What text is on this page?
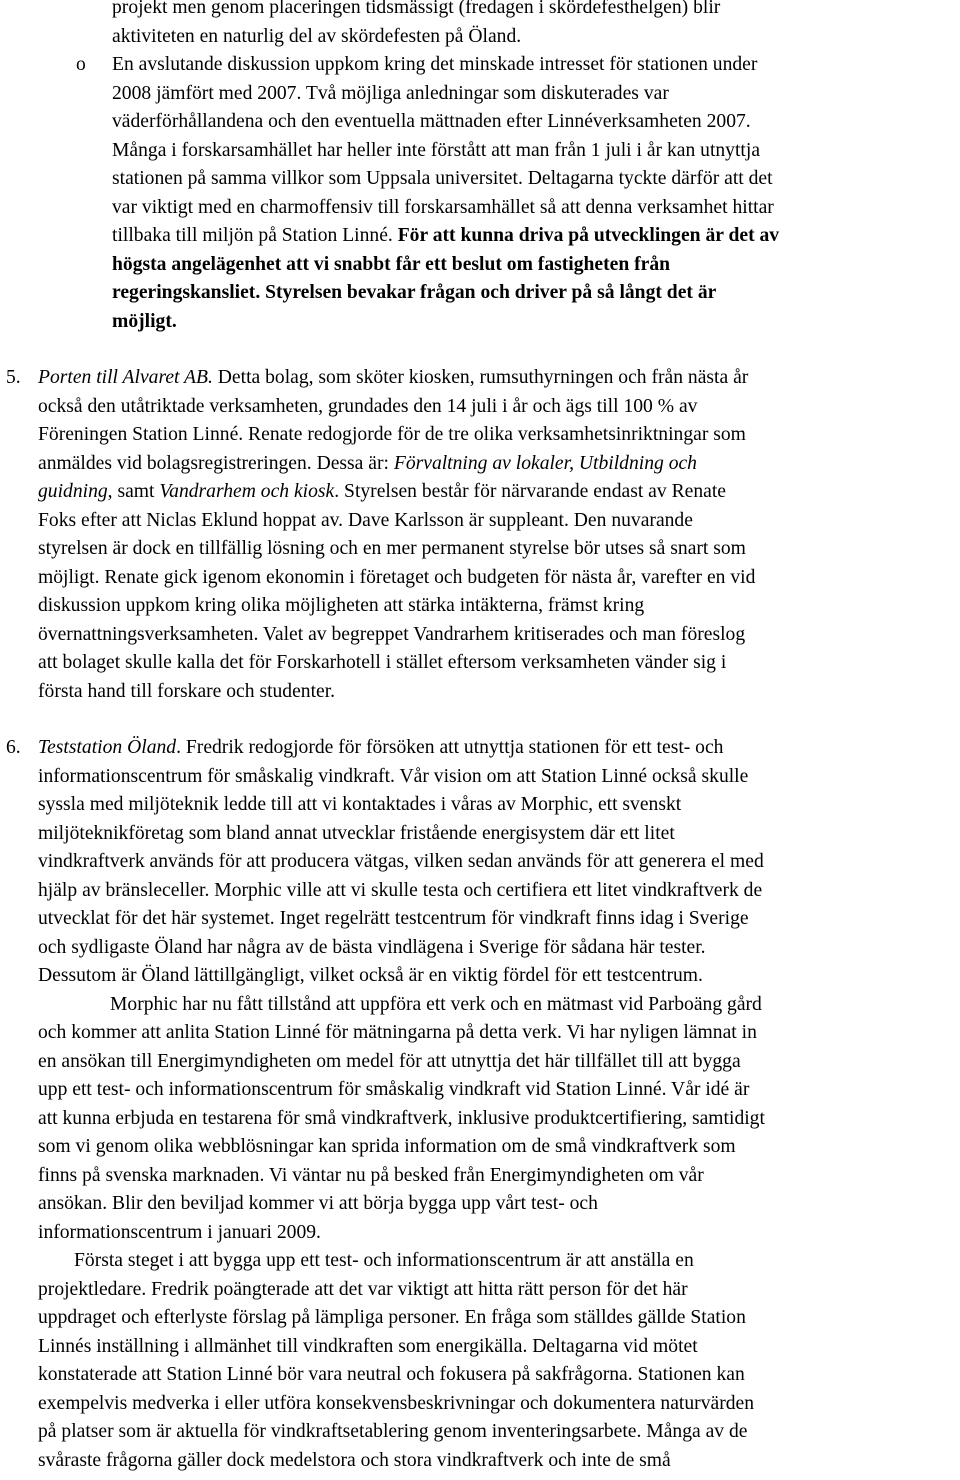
projekt men genom placeringen tidsmässigt (fredagen i skördefesthelgen) blir
aktiviteten en naturlig del av skördefesten på Öland.
o En avslutande diskussion uppkom kring det minskade intresset för stationen under
2008 jämfört med 2007. Två möjliga anledningar som diskuterades var
väderförhållandena och den eventuella mättnaden efter Linnéverksamheten 2007.
Många i forskarsamhället har heller inte förstått att man från 1 juli i år kan utnyttja
stationen på samma villkor som Uppsala universitet. Deltagarna tyckte därför att det
var viktigt med en charmoffensiv till forskarsamhället så att denna verksamhet hittar
tillbaka till miljön på Station Linné. För att kunna driva på utvecklingen är det av
högsta angelägenhet att vi snabbt får ett beslut om fastigheten från
regeringskansliet. Styrelsen bevakar frågan och driver på så långt det är
möjligt.
5. Porten till Alvaret AB. Detta bolag, som sköter kiosken, rumsuthyrningen och från nästa år
också den utåtriktade verksamheten, grundades den 14 juli i år och ägs till 100 % av
Föreningen Station Linné. Renate redogjorde för de tre olika verksamhetsinriktningar som
anmäldes vid bolagsregistreringen. Dessa är: Förvaltning av lokaler, Utbildning och
guidning, samt Vandrarhem och kiosk. Styrelsen består för närvarande endast av Renate
Foks efter att Niclas Eklund hoppat av. Dave Karlsson är suppleant. Den nuvarande
styrelsen är dock en tillfällig lösning och en mer permanent styrelse bör utses så snart som
möjligt. Renate gick igenom ekonomin i företaget och budgeten för nästa år, varefter en vid
diskussion uppkom kring olika möjligheten att stärka intäkterna, främst kring
övernattningsverksamheten. Valet av begreppet Vandrarhem kritiserades och man föreslog
att bolaget skulle kalla det för Forskarhotell i stället eftersom verksamheten vänder sig i
första hand till forskare och studenter.
6. Teststation Öland. Fredrik redogjorde för försöken att utnyttja stationen för ett test- och
informationscentrum för småskalig vindkraft. Vår vision om att Station Linné också skulle
syssla med miljöteknik ledde till att vi kontaktades i våras av Morphic, ett svenskt
miljöteknikföretag som bland annat utvecklar fristående energisystem där ett litet
vindkraftverk används för att producera vätgas, vilken sedan används för att generera el med
hjälp av bränsleceller. Morphic ville att vi skulle testa och certifiera ett litet vindkraftverk de
utvecklat för det här systemet. Inget regelrätt testcentrum för vindkraft finns idag i Sverige
och sydligaste Öland har några av de bästa vindlägena i Sverige för sådana här tester.
Dessutom är Öland lättillgängligt, vilket också är en viktig fördel för ett testcentrum.
Morphic har nu fått tillstånd att uppföra ett verk och en mätmast vid Parboäng gård
och kommer att anlita Station Linné för mätningarna på detta verk. Vi har nyligen lämnat in
en ansökan till Energimyndigheten om medel för att utnyttja det här tillfället till att bygga
upp ett test- och informationscentrum för småskalig vindkraft vid Station Linné. Vår idé är
att kunna erbjuda en testarena för små vindkraftverk, inklusive produktcertifiering, samtidigt
som vi genom olika webblösningar kan sprida information om de små vindkraftverk som
finns på svenska marknaden. Vi väntar nu på besked från Energimyndigheten om vår
ansökan. Blir den beviljad kommer vi att börja bygga upp vårt test- och
informationscentrum i januari 2009.
Första steget i att bygga upp ett test- och informationscentrum är att anställa en
projektledare. Fredrik poängterade att det var viktigt att hitta rätt person för det här
uppdraget och efterlyste förslag på lämpliga personer. En fråga som ställdes gällde Station
Linnés inställning i allmänhet till vindkraften som energikälla. Deltagarna vid mötet
konstaterade att Station Linné bör vara neutral och fokusera på sakfrågorna. Stationen kan
exempelvis medverka i eller utföra konsekvensbeskrivningar och dokumentera naturvärden
på platser som är aktuella för vindkraftsetablering genom inventeringsarbete. Många av de
svåraste frågorna gäller dock medelstora och stora vindkraftverk och inte de små
